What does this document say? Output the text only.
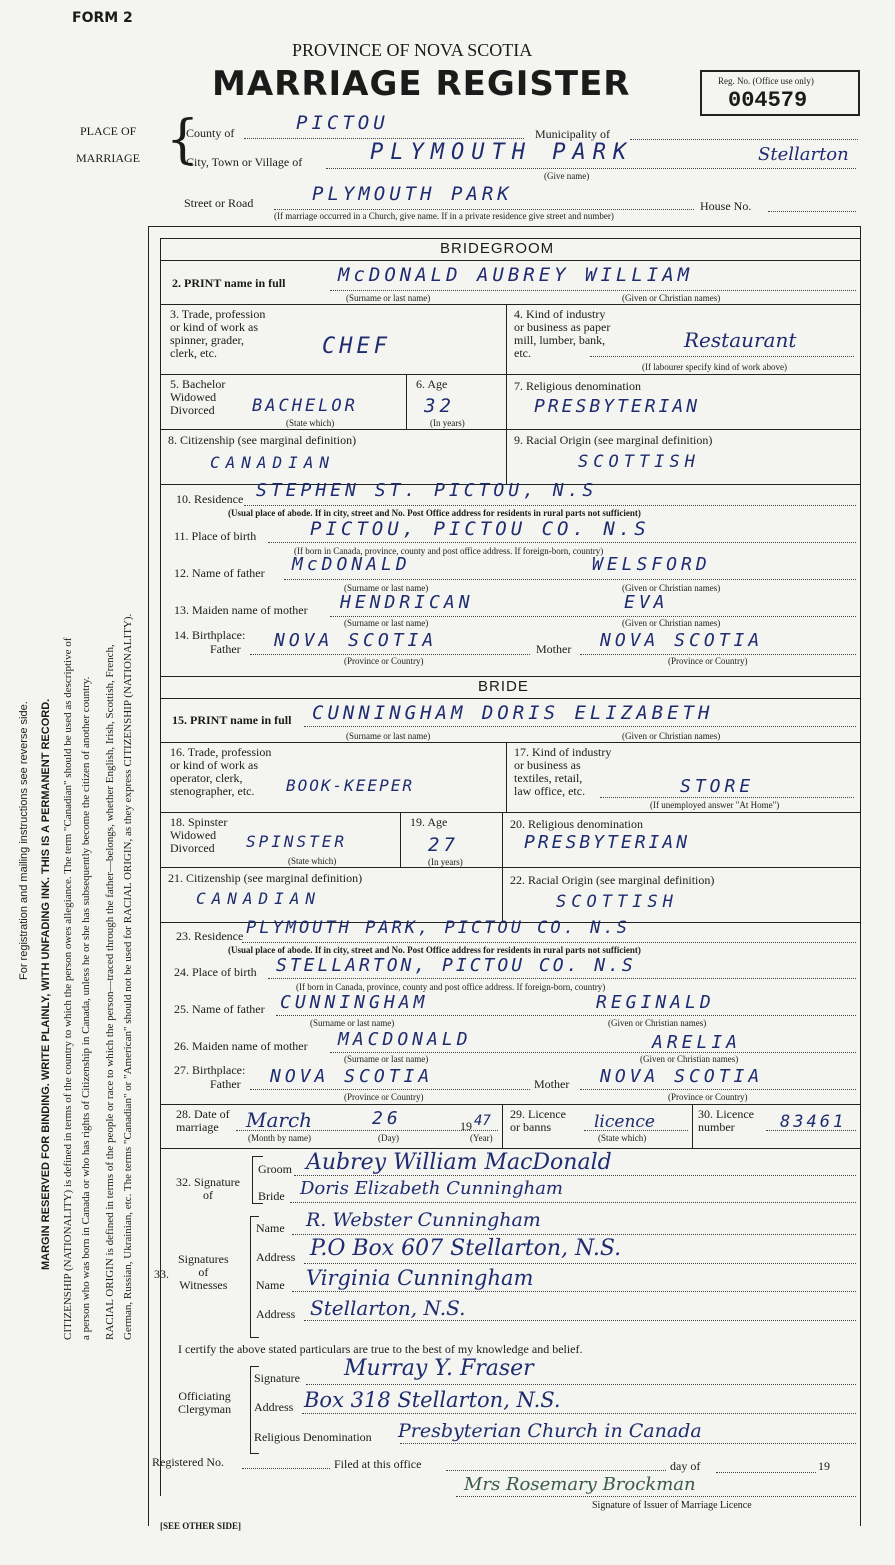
FORM 2
PROVINCE OF NOVA SCOTIA
MARRIAGE REGISTER	Reg. No. (Office use only)
004579
PLACE OF
MARRIAGE {
County of	PICTOU	Municipality of
City, Town or Village of	PLYMOUTH PARK	Stellarton
(Give name)
Street or Road	PLYMOUTH PARK
House No.
(If marriage occurred in a Church, give name. If in a private residence give street and number)
MARGIN RESERVED FOR BINDING. WRITE PLAINLY, WITH UNFADING INK. THIS IS A PERMANENT RECORD.
For registration and mailing instructions see reverse side.	CITIZENSHIP (NATIONALITY) is defined in terms of the country to which the person owes allegiance. The term "Canadian" should be used as descriptive of a person who was born in Canada or who has rights of Citizenship in Canada, unless he or she has subsequently become the citizen of another country. RACIAL ORIGIN is defined in terms of the people or race to which the person—traced through the father—belongs, whether English, Irish, Scottish, French, German, Russian, Ukrainian, etc. The terms "Canadian" or "American" should not be used for RACIAL ORIGIN, as they express CITIZENSHIP (NATIONALITY).
BRIDEGROOM
2. PRINT name in full	McDONALD AUBREY WILLIAM
(Surname or last name)	(Given or Christian names)
3. Trade, profession
or kind of work as
spinner, grader,
clerk, etc.	CHEF
4. Kind of industry
or business as paper
mill, lumber, bank,
etc.
Restaurant
(If labourer specify kind of work above)
5. Bachelor
Widowed
Divorced	BACHELOR
(State which)
6. Age
32
(In years)
7. Religious denomination
PRESBYTERIAN
8. Citizenship (see marginal definition)
CANADIAN
9. Racial Origin (see marginal definition)
SCOTTISH
10. Residence STEPHEN ST. PICTOU, N.S
(Usual place of abode. If in city, street and No. Post Office address for residents in rural parts not sufficient)
11. Place of birth	PICTOU, PICTOU CO. N.S
(If born in Canada, province, county and post office address. If foreign-born, country)
12. Name of father McDONALD	WELSFORD
(Surname or last name)	(Given or Christian names)
13. Maiden name of mother HENDRICAN	EVA
(Surname or last name)	(Given or Christian names)
14. Birthplace:
Father NOVA SCOTIA	Mother NOVA SCOTIA
(Province or Country)	(Province or Country)
BRIDE
15. PRINT name in full CUNNINGHAM DORIS ELIZABETH
(Surname or last name)	(Given or Christian names)
16. Trade, profession
or kind of work as
operator, clerk,
stenographer, etc.	BOOK-KEEPER
17. Kind of industry
or business as
textiles, retail,
law office, etc.	STORE
(If unemployed answer "At Home")
18. Spinster
Widowed
Divorced	SPINSTER
(State which)
19. Age
27
(In years)
20. Religious denomination
PRESBYTERIAN
21. Citizenship (see marginal definition)
CANADIAN
22. Racial Origin (see marginal definition)
SCOTTISH
23. Residence PLYMOUTH PARK, PICTOU CO. N.S
(Usual place of abode. If in city, street and No. Post Office address for residents in rural parts not sufficient)
24. Place of birth STELLARTON, PICTOU CO. N.S
(If born in Canada, province, county and post office address. If foreign-born, country)
25. Name of father CUNNINGHAM	REGINALD
(Surname or last name)	(Given or Christian names)
26. Maiden name of mother MACDONALD	ARELIA
(Surname or last name)	(Given or Christian names)
27. Birthplace:
Father NOVA SCOTIA	Mother NOVA SCOTIA
(Province or Country)	(Province or Country)
28. Date of
marriage	March	26	19 47
(Month by name)	(Day)	(Year)
29. Licence
or banns	licence
(State which)
30. Licence
number	83461
32. Signature
of
Groom Aubrey William MacDonald
Bride Doris Elizabeth Cunningham
33.
Signatures
of
Witnesses
Name R. Webster Cunningham
Address P.O Box 607 Stellarton, N.S.
Name Virginia Cunningham
Address Stellarton, N.S.
I certify the above stated particulars are true to the best of my knowledge and belief.
Officiating
Clergyman
Signature Murray Y. Fraser
Address Box 318 Stellarton, N.S.
Religious Denomination Presbyterian Church in Canada
Registered No.	Filed at this office	day of	19
Mrs Rosemary Brockman
Signature of Issuer of Marriage Licence
[SEE OTHER SIDE]
